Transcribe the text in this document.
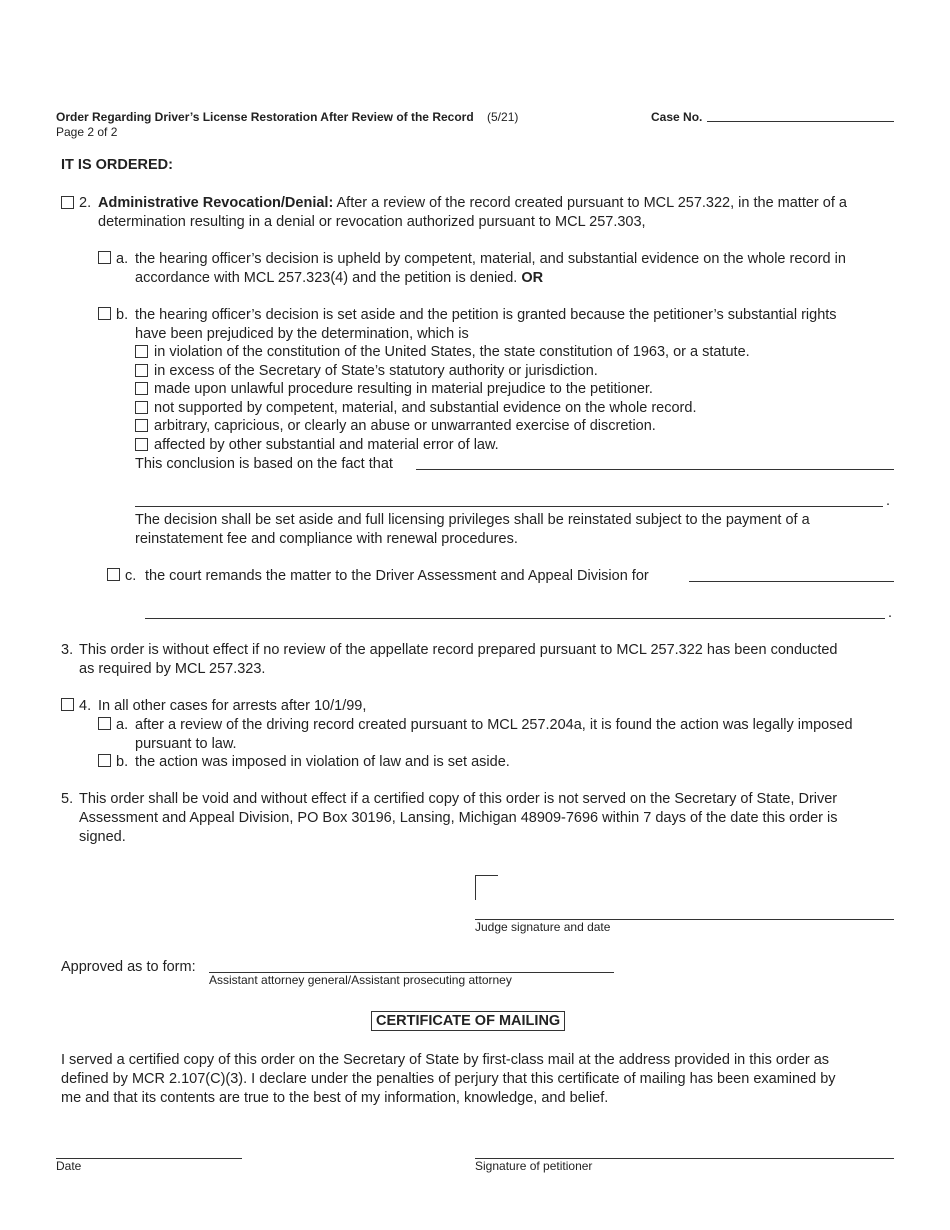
Order Regarding Driver’s License Restoration After Review of the Record (5/21)
Page 2 of 2
Case No.
IT IS ORDERED:
2. Administrative Revocation/Denial: After a review of the record created pursuant to MCL 257.322, in the matter of a
determination resulting in a denial or revocation authorized pursuant to MCL 257.303,
a. the hearing officer’s decision is upheld by competent, material, and substantial evidence on the whole record in
accordance with MCL 257.323(4) and the petition is denied. OR
b. the hearing officer’s decision is set aside and the petition is granted because the petitioner’s substantial rights
have been prejudiced by the determination, which is
in violation of the constitution of the United States, the state constitution of 1963, or a statute.
in excess of the Secretary of State’s statutory authority or jurisdiction.
made upon unlawful procedure resulting in material prejudice to the petitioner.
not supported by competent, material, and substantial evidence on the whole record.
arbitrary, capricious, or clearly an abuse or unwarranted exercise of discretion.
affected by other substantial and material error of law.
This conclusion is based on the fact that
.
The decision shall be set aside and full licensing privileges shall be reinstated subject to the payment of a
reinstatement fee and compliance with renewal procedures.
c. the court remands the matter to the Driver Assessment and Appeal Division for
.
3. This order is without effect if no review of the appellate record prepared pursuant to MCL 257.322 has been conducted
as required by MCL 257.323.
4. In all other cases for arrests after 10/1/99,
a. after a review of the driving record created pursuant to MCL 257.204a, it is found the action was legally imposed
pursuant to law.
b. the action was imposed in violation of law and is set aside.
5. This order shall be void and without effect if a certified copy of this order is not served on the Secretary of State, Driver
Assessment and Appeal Division, PO Box 30196, Lansing, Michigan 48909-7696 within 7 days of the date this order is
signed.
Judge signature and date
Approved as to form:
Assistant attorney general/Assistant prosecuting attorney
CERTIFICATE OF MAILING
I served a certified copy of this order on the Secretary of State by first-class mail at the address provided in this order as
defined by MCR 2.107(C)(3). I declare under the penalties of perjury that this certificate of mailing has been examined by
me and that its contents are true to the best of my information, knowledge, and belief.
Date	Signature of petitioner
